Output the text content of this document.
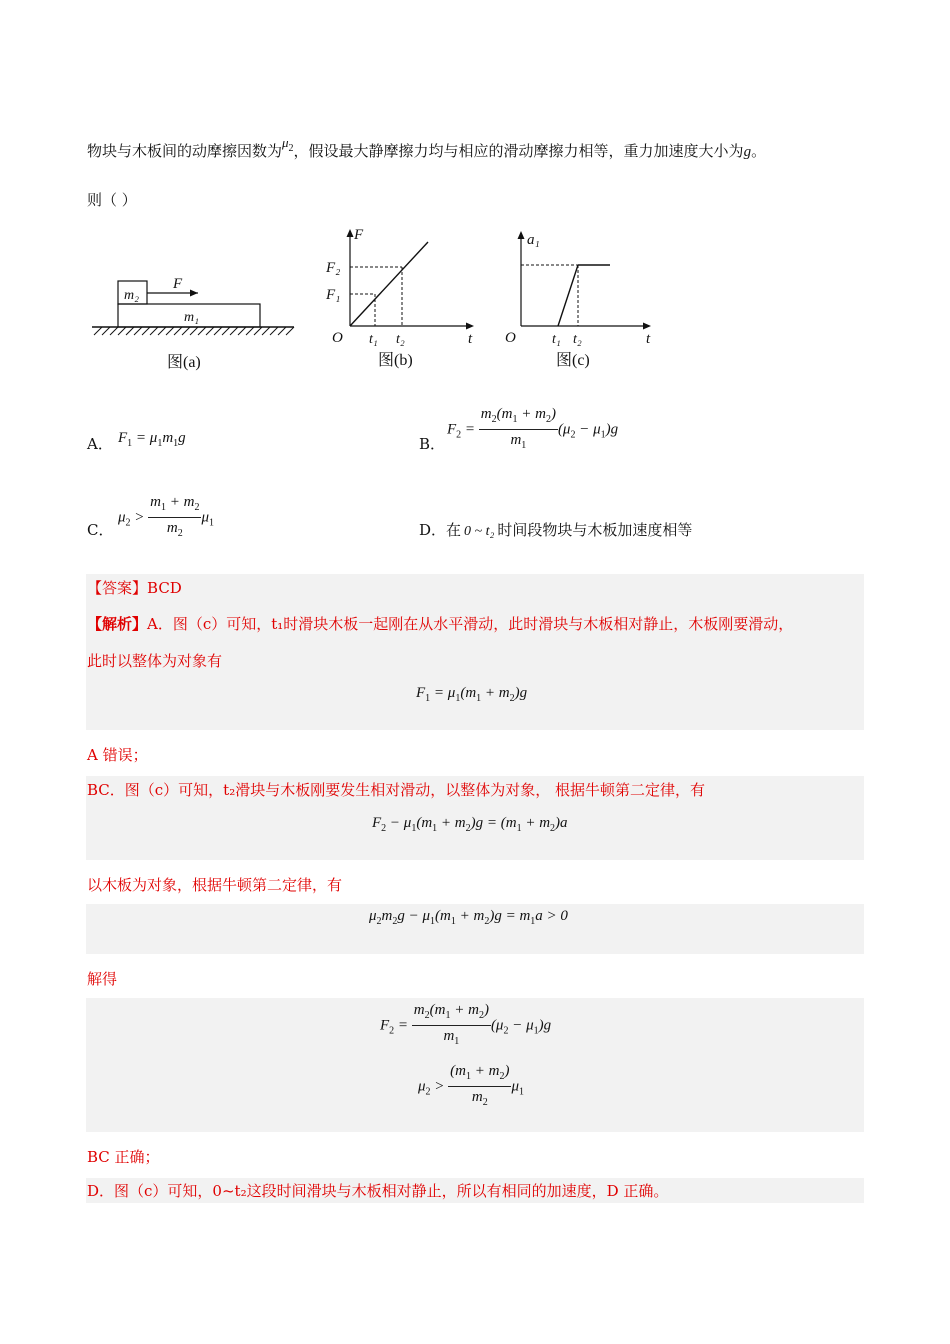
物块与木板间的动摩擦因数为$\mu_2$，假设最大静摩擦力均与相应的滑动摩擦力相等，重力加速度大小为g。
则（ ）
F
m₂
m₁
图(a)
F
t
O
F₁
F₂
t₁ t₂
图(b)
a₁
t
O	t₁ t₂
图(c)
A． $F_1 = \mu_1m_1g$	B．
$F_2 = \frac{m_2(m_1 + m_2)}{m_1} (\mu_2 - \mu_1)g$
C．
$\mu_2 > \frac{m_1 + m_2}{m_2} \mu_1$	D．在 0 ~ t₂ 时间段物块与木板加速度相等
【答案】BCD
【解析】A．图（c）可知，t₁时滑块木板一起刚在从水平滑动，此时滑块与木板相对静止，木板刚要滑动，
此时以整体为对象有
$F_1 = \mu_1(m_1 + m_2)g$
A 错误；
BC．图（c）可知，t₂滑块与木板刚要发生相对滑动，以整体为对象， 根据牛顿第二定律，有
$F_2 - \mu_1(m_1 + m_2)g = (m_1 + m_2)a$
以木板为对象，根据牛顿第二定律，有
$\mu_2m_2g - \mu_1(m_1 + m_2)g = m_1a > 0$
解得
$F_2 = \frac{m_2(m_1 + m_2)}{m_1} (\mu_2 - \mu_1)g$
$\mu_2 > \frac{(m_1 + m_2)}{m_2} \mu_1$
BC 正确；
D．图（c）可知，0~t₂这段时间滑块与木板相对静止，所以有相同的加速度，D 正确。
